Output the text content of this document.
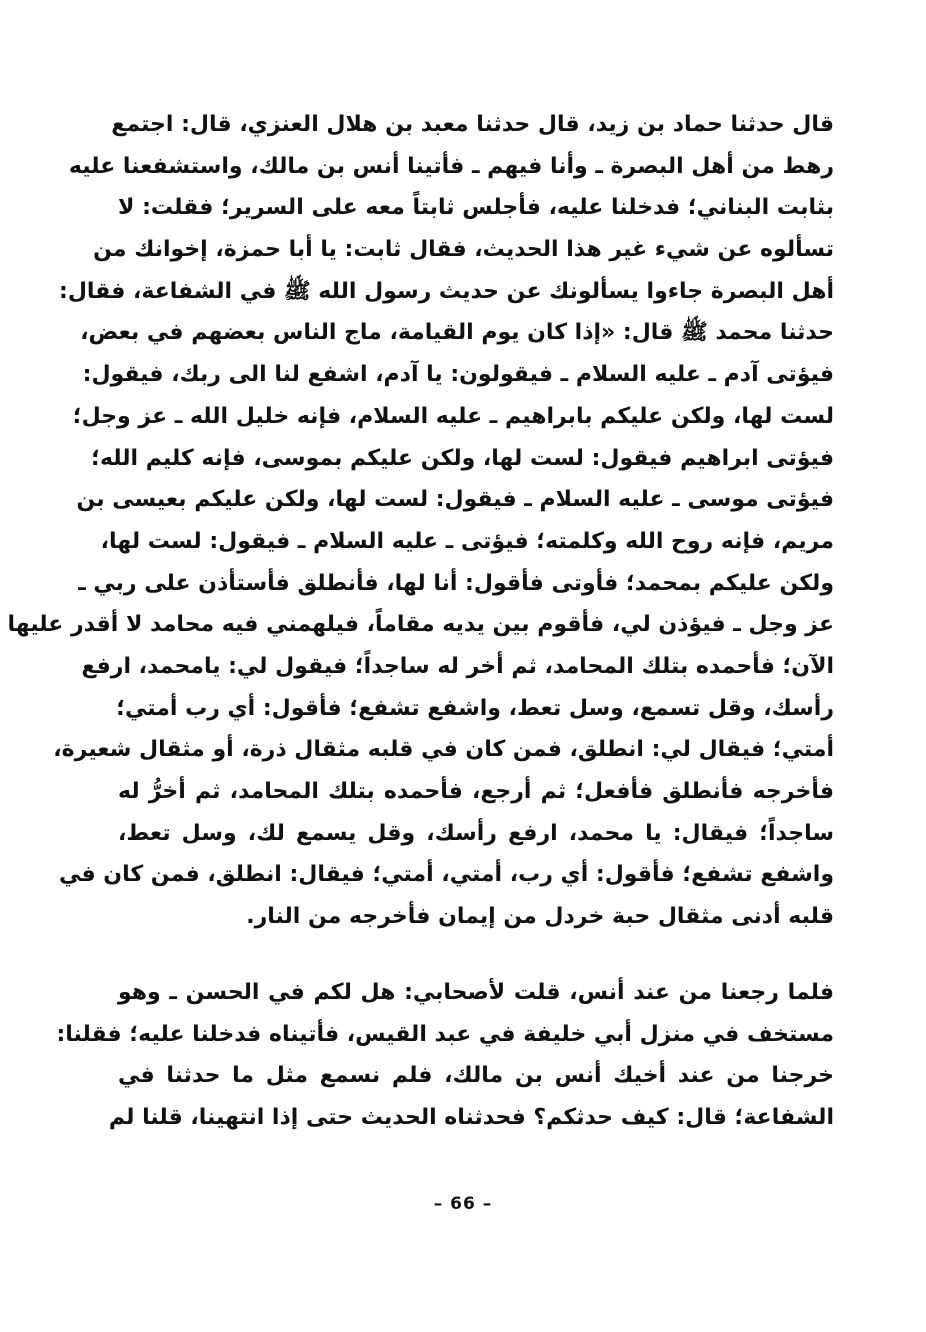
قال حدثنا حماد بن زيد، قال حدثنا معبد بن هلال العنزي، قال: اجتمع
رهط من أهل البصرة ـ وأنا فيهم ـ فأتينا أنس بن مالك، واستشفعنا عليه
بثابت البناني؛ فدخلنا عليه، فأجلس ثابتاً معه على السرير؛ فقلت: لا
تسألوه عن شيء غير هذا الحديث، فقال ثابت: يا أبا حمزة، إخوانك من
أهل البصرة جاءوا يسألونك عن حديث رسول الله ﷺ في الشفاعة، فقال:
حدثنا محمد ﷺ قال: «إذا كان يوم القيامة، ماج الناس بعضهم في بعض،
فيؤتى آدم ـ عليه السلام ـ فيقولون: يا آدم، اشفع لنا الى ربك، فيقول:
لست لها، ولكن عليكم بابراهيم ـ عليه السلام، فإنه خليل الله ـ عز وجل؛
فيؤتى ابراهيم فيقول: لست لها، ولكن عليكم بموسى، فإنه كليم الله؛
فيؤتى موسى ـ عليه السلام ـ فيقول: لست لها، ولكن عليكم بعيسى بن
مريم، فإنه روح الله وكلمته؛ فيؤتى ـ عليه السلام ـ فيقول: لست لها،
ولكن عليكم بمحمد؛ فأوتى فأقول: أنا لها، فأنطلق فأستأذن على ربي ـ
عز وجل ـ فيؤذن لي، فأقوم بين يديه مقاماً، فيلهمني فيه محامد لا أقدر عليها
الآن؛ فأحمده بتلك المحامد، ثم أخر له ساجداً؛ فيقول لي: يامحمد، ارفع
رأسك، وقل تسمع، وسل تعط، واشفع تشفع؛ فأقول: أي رب أمتي؛
أمتي؛ فيقال لي: انطلق، فمن كان في قلبه مثقال ذرة، أو مثقال شعيرة،
فأخرجه فأنطلق فأفعل؛ ثم أرجع، فأحمده بتلك المحامد، ثم أخرُّ له
ساجداً؛ فيقال: يا محمد، ارفع رأسك، وقل يسمع لك، وسل تعط،
واشفع تشفع؛ فأقول: أي رب، أمتي، أمتي؛ فيقال: انطلق، فمن كان في
قلبه أدنى مثقال حبة خردل من إيمان فأخرجه من النار.
فلما رجعنا من عند أنس، قلت لأصحابي: هل لكم في الحسن ـ وهو
مستخف في منزل أبي خليفة في عبد القيس، فأتيناه فدخلنا عليه؛ فقلنا:
خرجنا من عند أخيك أنس بن مالك، فلم نسمع مثل ما حدثنا في
الشفاعة؛ قال: كيف حدثكم؟ فحدثناه الحديث حتى إذا انتهينا، قلنا لم
– 66 –
